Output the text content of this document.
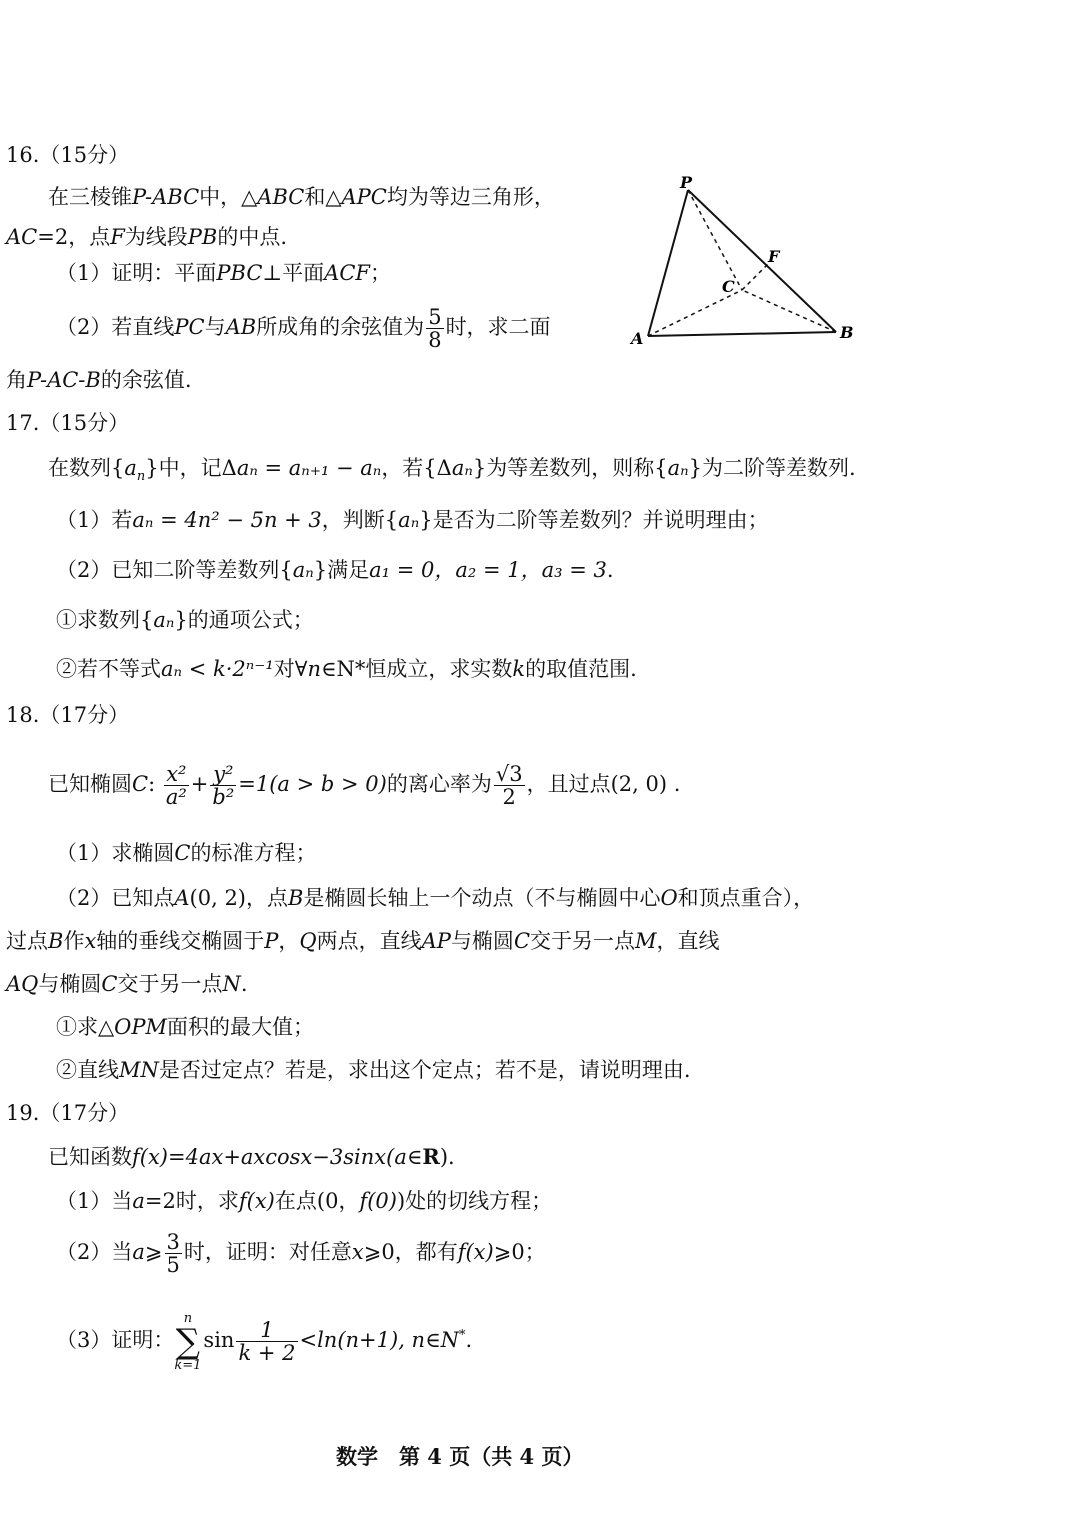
16.（15分）
在三棱锥P-ABC中，△ABC和△APC均为等边三角形，
AC=2，点F为线段PB的中点.
（1）证明：平面PBC⊥平面ACF；
（2）若直线PC与AB所成角的余弦值为 $\frac{5}{8}$ 时，求二面
角P-AC-B的余弦值.
P
F
C
A	B
17.（15分）
在数列$\{a_n\}$中，记Δaₙ = aₙ₊₁ − aₙ，若{Δaₙ}为等差数列，则称{aₙ}为二阶等差数列.
（1）若aₙ = 4n² − 5n + 3，判断{aₙ}是否为二阶等差数列？并说明理由；
（2）已知二阶等差数列{aₙ}满足a₁ = 0，a₂ = 1，a₃ = 3.
①求数列{aₙ}的通项公式；
②若不等式aₙ < k·2ⁿ⁻¹对∀n∈N*恒成立，求实数k的取值范围.
18.（17分）
已知椭圆C: $\frac{\text{x²}}{\text{a²}} + \frac{\text{y²}}{\text{b²}} =1(a > b > 0)$的离心率为 $\frac{√3}{2}$ ，且过点(2, 0) .
（1）求椭圆C的标准方程；
（2）已知点A(0, 2)，点B是椭圆长轴上一个动点（不与椭圆中心O和顶点重合），
过点B作x轴的垂线交椭圆于P，Q两点，直线AP与椭圆C交于另一点M，直线
AQ与椭圆C交于另一点N.
①求△OPM面积的最大值；
②直线MN是否过定点？若是，求出这个定点；若不是，请说明理由.
19.（17分）
已知函数f(x)=4ax+axcosx−3sinx(a∈R).
（1）当a=2时，求f(x)在点(0，f(0))处的切线方程；
（2）当a⩾ $\frac{3}{5}$ 时，证明：对任意x⩾0，都有f(x)⩾0；
（3）证明：
n
∑
k=1
$\sin \frac{1}{k + 2} <\ln(n+1)$, n∈N*.
数学　第 4 页（共 4 页）
